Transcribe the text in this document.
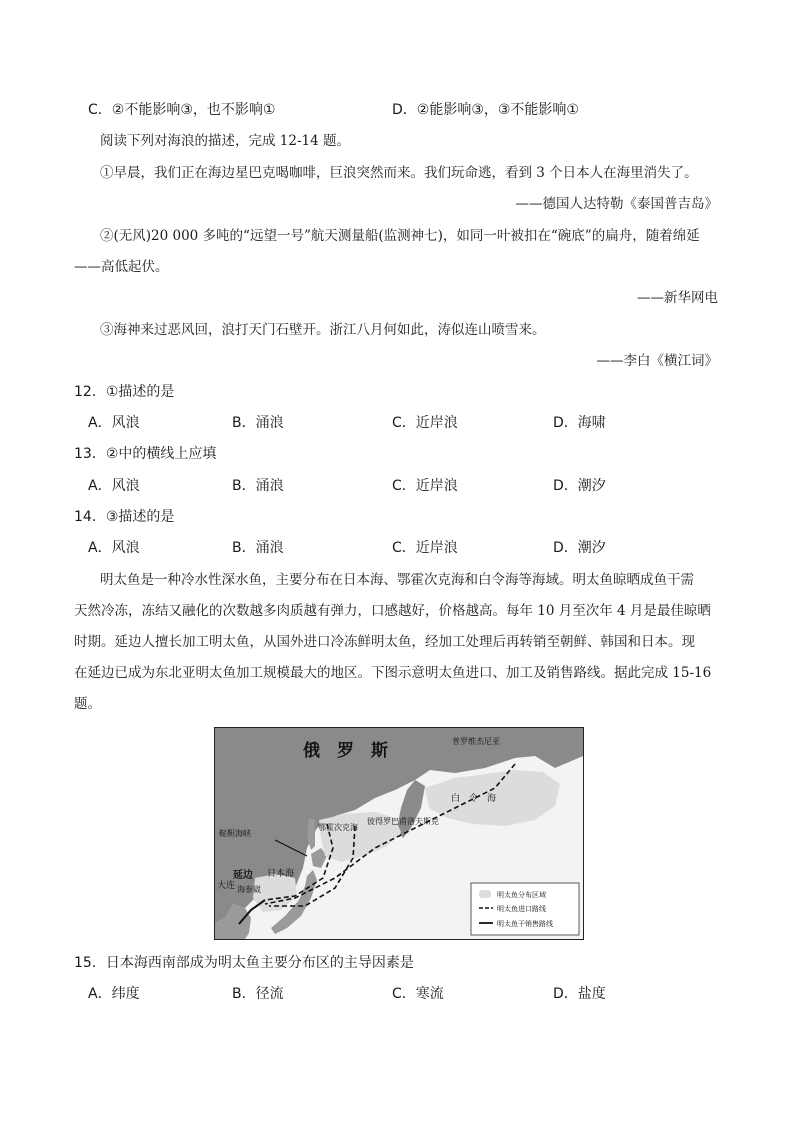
C．②不能影响③，也不影响①	D．②能影响③，③不能影响①
阅读下列对海浪的描述，完成 12-14 题。
①早晨，我们正在海边星巴克喝咖啡，巨浪突然而来。我们玩命逃，看到 3 个日本人在海里消失了。
——德国人达特勒《泰国普吉岛》
②(无风)20 000 多吨的“远望一号”航天测量船(监测神七)，如同一叶被扣在“碗底”的扁舟，随着绵延
——高低起伏。
——新华网电
③海神来过恶风回，浪打天门石壁开。浙江八月何如此，涛似连山喷雪来。
——李白《横江词》
12．①描述的是
A．风浪	B．涌浪	C．近岸浪	D．海啸
13．②中的横线上应填
A．风浪	B．涌浪	C．近岸浪	D．潮汐
14．③描述的是
A．风浪	B．涌浪	C．近岸浪	D．潮汐
明太鱼是一种冷水性深水鱼，主要分布在日本海、鄂霍次克海和白令海等海域。明太鱼晾晒成鱼干需
天然冷冻，冻结又融化的次数越多肉质越有弹力，口感越好，价格越高。每年 10 月至次年 4 月是最佳晾晒
时期。延边人擅长加工明太鱼，从国外进口冷冻鲜明太鱼，经加工处理后再转销至朝鲜、韩国和日本。现
在延边已成为东北亚明太鱼加工规模最大的地区。下图示意明太鱼进口、加工及销售路线。据此完成 15-16
题。
俄　罗　斯	普罗维杰尼亚
白　令　海
鄂霍次克海
彼得罗巴甫洛夫斯克
鞑靼海峡
延边
海参崴
大连
日本海
明太鱼分布区域
明太鱼进口路线
明太鱼干销售路线
15．日本海西南部成为明太鱼主要分布区的主导因素是
A．纬度	B．径流	C．寒流	D．盐度
